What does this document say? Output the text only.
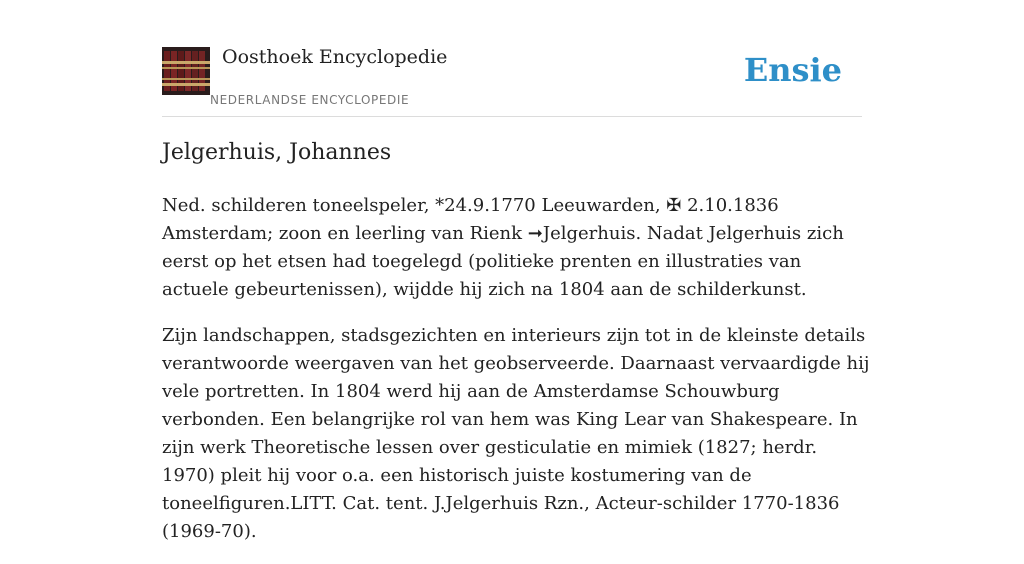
Oosthoek Encyclopedie
NEDERLANDSE ENCYCLOPEDIE
Ensie
Jelgerhuis, Johannes

Ned. schilderen toneelspeler, *24.9.1770 Leeuwarden, ✠ 2.10.1836 Amsterdam; zoon en leerling van Rienk ➞Jelgerhuis. Nadat Jelgerhuis zich eerst op het etsen had toegelegd (politieke prenten en illustraties van actuele gebeurtenissen), wijdde hij zich na 1804 aan de schilderkunst.

Zijn landschappen, stadsgezichten en interieurs zijn tot in de kleinste details verantwoorde weergaven van het geobserveerde. Daarnaast vervaardigde hij vele portretten. In 1804 werd hij aan de Amsterdamse Schouwburg verbonden. Een belangrijke rol van hem was King Lear van Shakespeare. In zijn werk Theoretische lessen over gesticulatie en mimiek (1827; herdr. 1970) pleit hij voor o.a. een historisch juiste kostumering van de toneelfiguren.LITT. Cat. tent. J.Jelgerhuis Rzn., Acteur-schilder 1770-1836 (1969-70).
